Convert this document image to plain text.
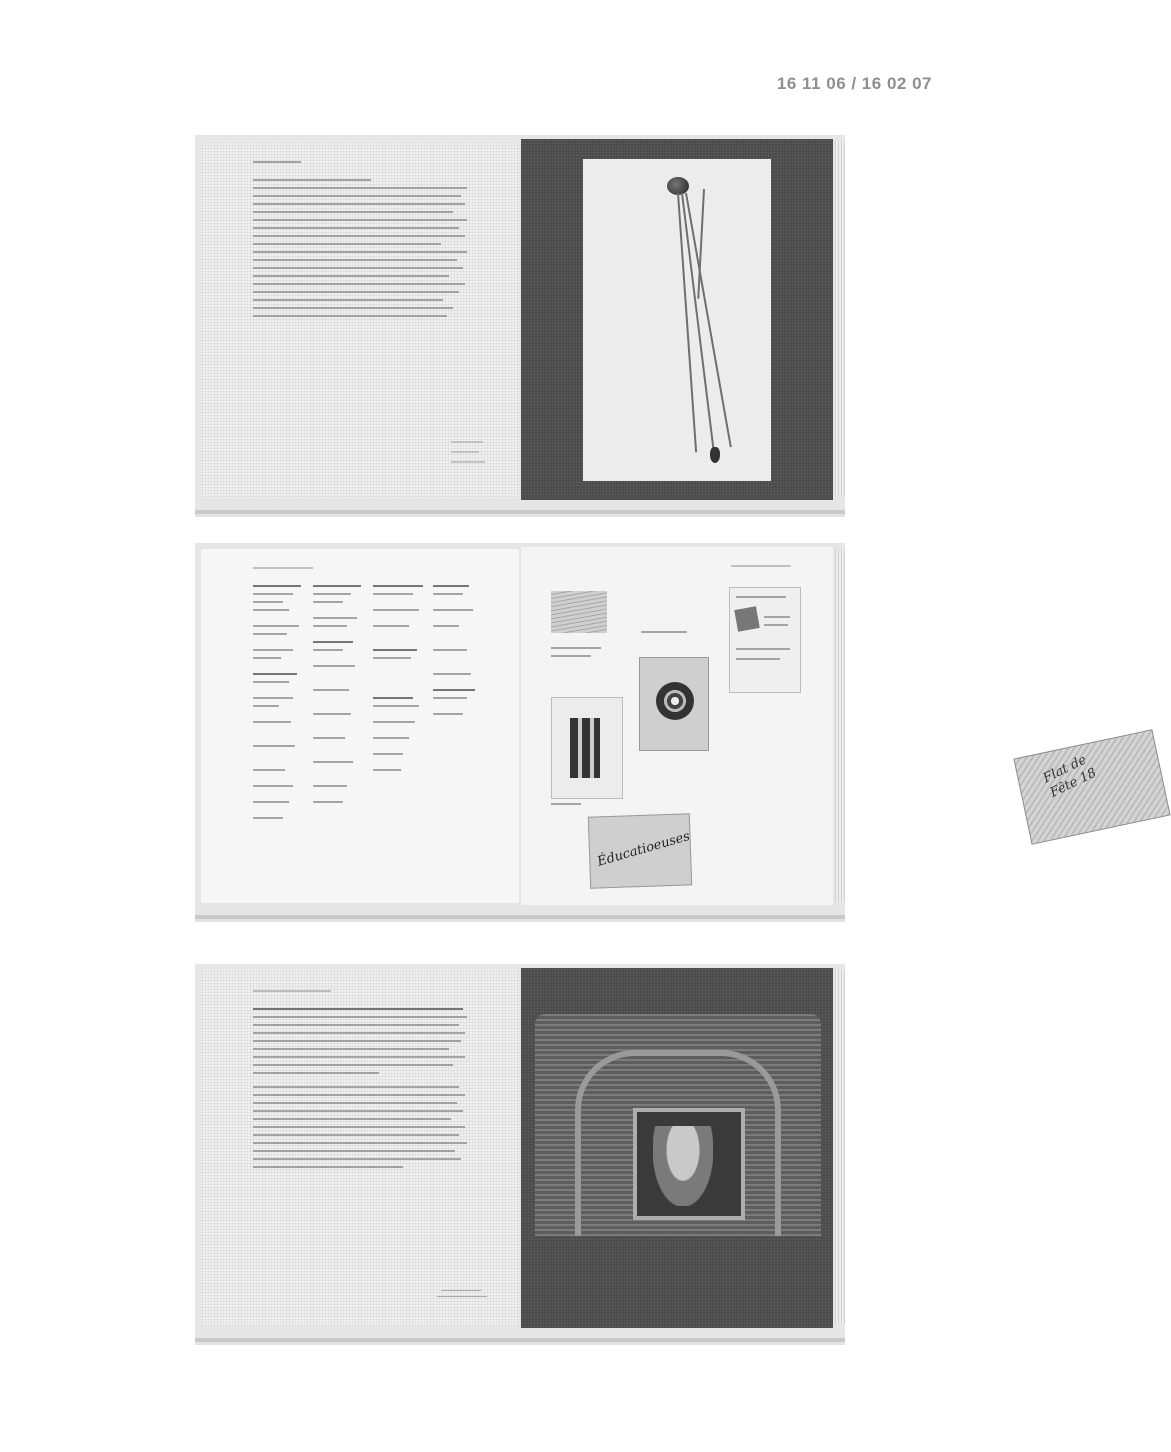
16 11 06 / 16 02 07
Flat de
Fête 18
Éducatioeuses
